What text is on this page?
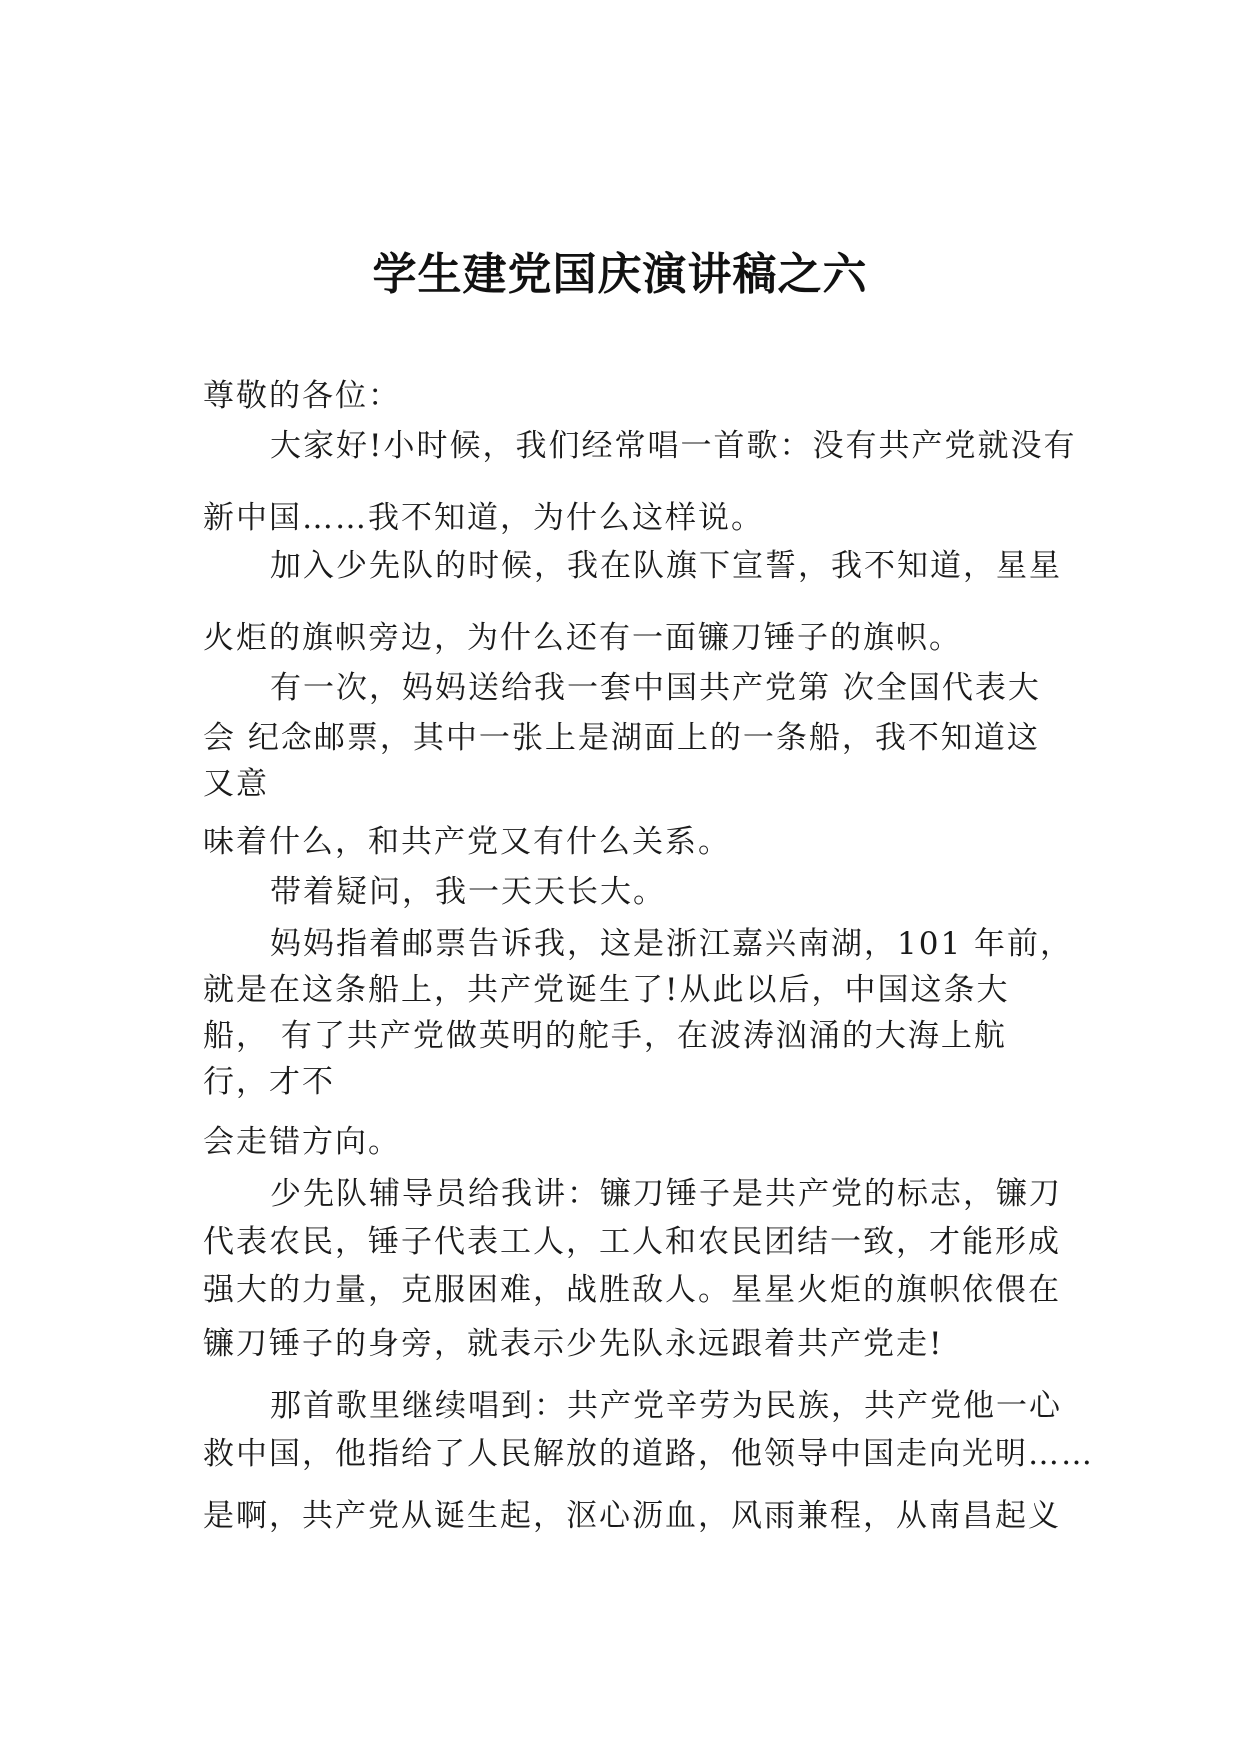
学生建党国庆演讲稿之六

尊敬的各位：

大家好!小时候，我们经常唱一首歌：没有共产党就没有

新中国……我不知道，为什么这样说。

加入少先队的时候，我在队旗下宣誓，我不知道，星星

火炬的旗帜旁边，为什么还有一面镰刀锤子的旗帜。

有一次，妈妈送给我一套中国共产党第 次全国代表大

会 纪念邮票，其中一张上是湖面上的一条船，我不知道这

又意

味着什么，和共产党又有什么关系。

带着疑问，我一天天长大。

妈妈指着邮票告诉我，这是浙江嘉兴南湖，101 年前，

就是在这条船上，共产党诞生了!从此以后，中国这条大

船， 有了共产党做英明的舵手，在波涛汹涌的大海上航

行，才不

会走错方向。

少先队辅导员给我讲：镰刀锤子是共产党的标志，镰刀

代表农民，锤子代表工人，工人和农民团结一致，才能形成

强大的力量，克服困难，战胜敌人。星星火炬的旗帜依偎在

镰刀锤子的身旁，就表示少先队永远跟着共产党走!

那首歌里继续唱到：共产党辛劳为民族，共产党他一心

救中国，他指给了人民解放的道路，他领导中国走向光明……

是啊，共产党从诞生起，沤心沥血，风雨兼程，从南昌起义
